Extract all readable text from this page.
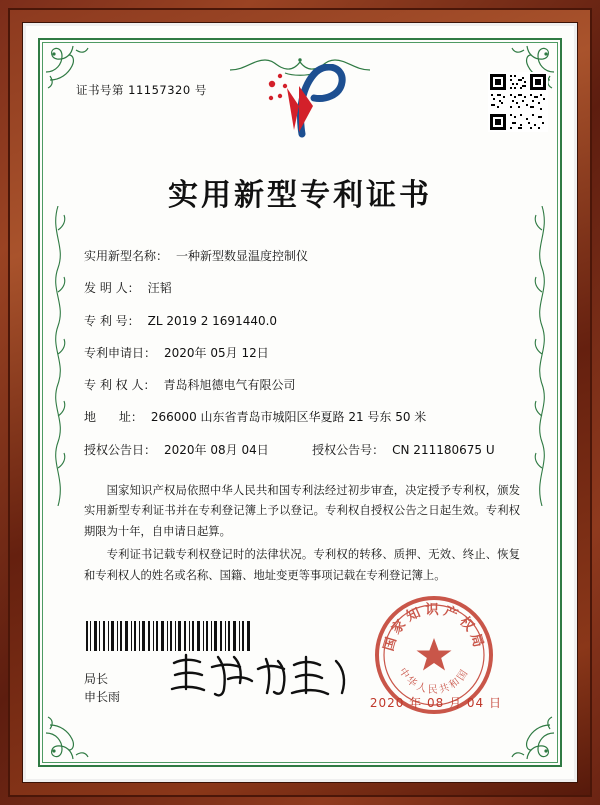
证书号第 11157320 号
实用新型专利证书
实用新型名称： 一种新型数显温度控制仪
发 明 人： 汪韬
专 利 号： ZL 2019 2 1691440.0
专利申请日： 2020年 05月 12日
专 利 权 人： 青岛科旭德电气有限公司
地      址： 266000 山东省青岛市城阳区华夏路 21 号东 50 米
授权公告日： 2020年 08月 04日	授权公告号： CN 211180675 U

国家知识产权局依照中华人民共和国专利法经过初步审查，决定授予专利权，颁发实用新型专利证书并在专利登记簿上予以登记。专利权自授权公告之日起生效。专利权期限为十年，自申请日起算。

专利证书记载专利权登记时的法律状况。专利权的转移、质押、无效、终止、恢复和专利权人的姓名或名称、国籍、地址变更等事项记载在专利登记簿上。

局长
申长雨
国家知识产权局
中华人民共和国
2020 年 08 月 04 日
